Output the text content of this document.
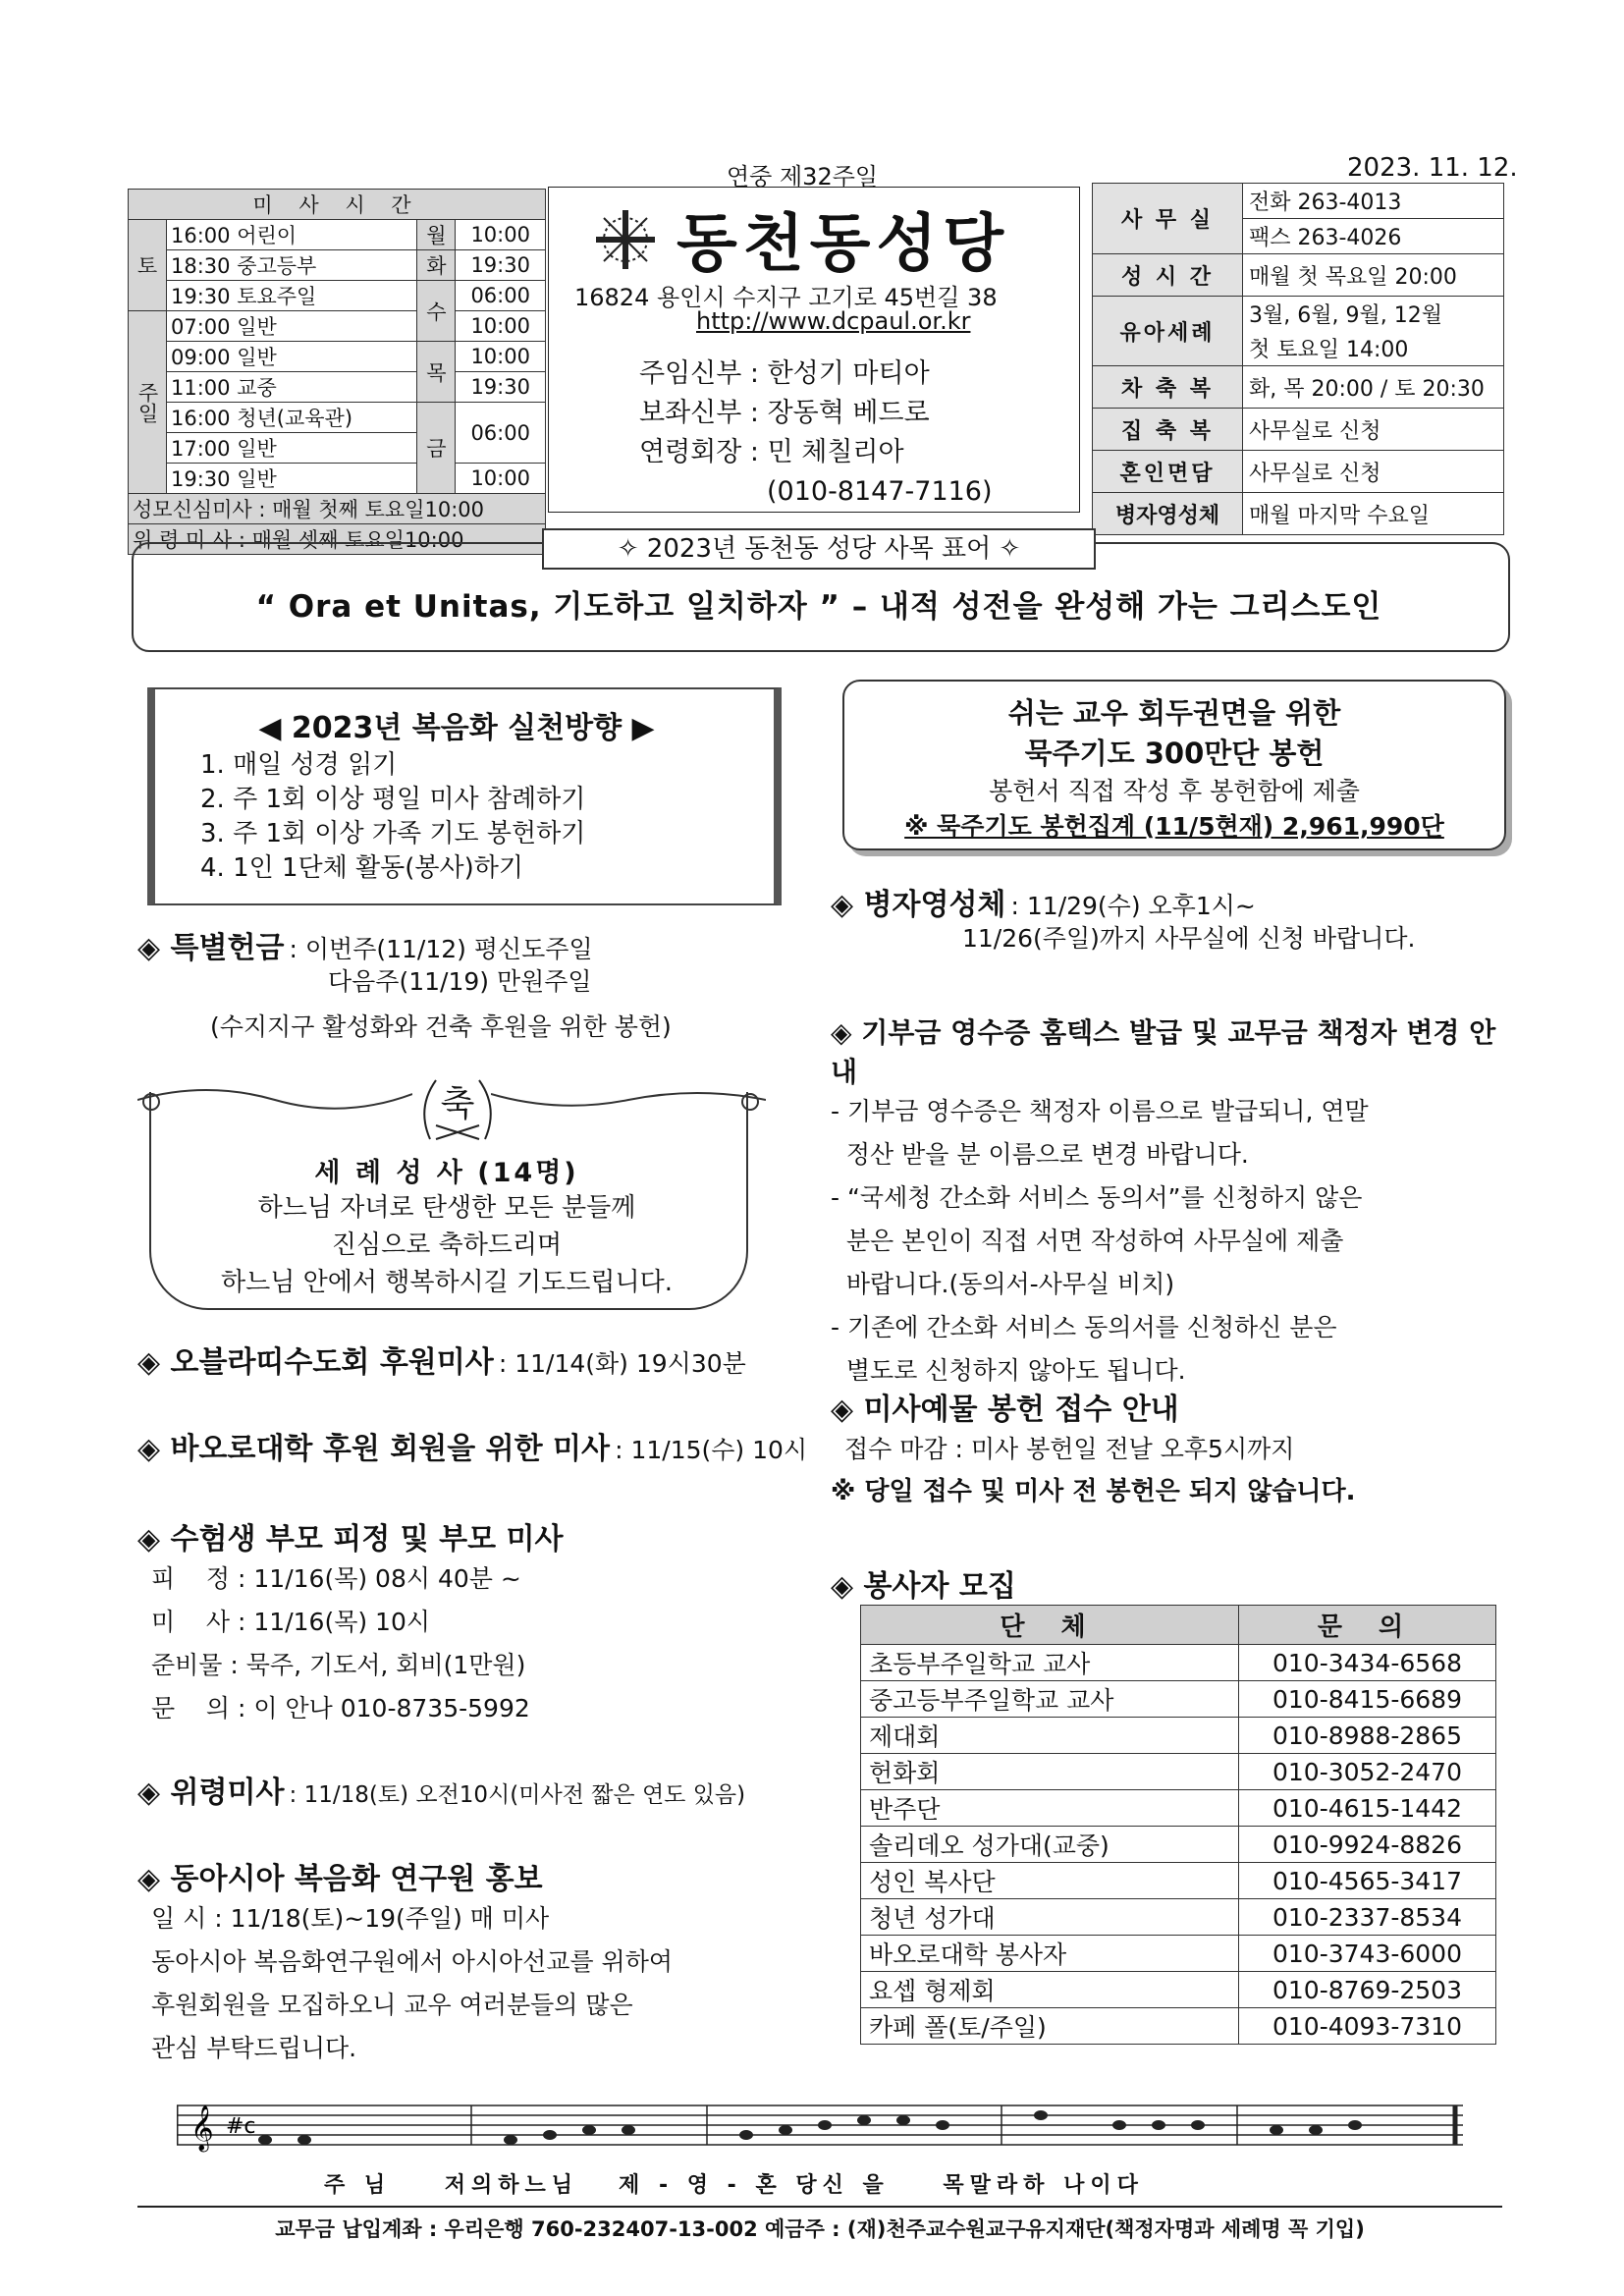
연중 제32주일	2023. 11. 12.
미 사 시 간			
토	16:00 어린이	월	10:00
	18:30 중고등부	화	19:30
	19:30 토요주일	수	06:00
주일	07:00 일반		10:00
	09:00 일반	목	10:00
	11:00 교중		19:30
	16:00 청년(교육관)	금	06:00
	17:00 일반		
	19:30 일반		10:00
성모신심미사 : 매월 첫째 토요일10:00			
위 령 미 사 : 매월 셋째 토요일10:00			
동천동성당
16824 용인시 수지구 고기로 45번길 38
http://www.dcpaul.or.kr
주임신부 : 한성기 마티아
보좌신부 : 장동혁 베드로
연령회장 : 민 체칠리아
(010-8147-7116)
사 무 실	전화 263-4013
	팩스 263-4026
성 시 간	매월 첫 목요일 20:00
유아세례	3월, 6월, 9월, 12월
	첫 토요일 14:00
차 축 복	화, 목 20:00 / 토 20:30
집 축 복	사무실로 신청
혼인면담	사무실로 신청
병자영성체	매월 마지막 수요일
✧ 2023년 동천동 성당 사목 표어 ✧
“ Ora et Unitas, 기도하고 일치하자 ” – 내적 성전을 완성해 가는 그리스도인
◀ 2023년 복음화 실천방향 ▶
1. 매일 성경 읽기
2. 주 1회 이상 평일 미사 참례하기
3. 주 1회 이상 가족 기도 봉헌하기
4. 1인 1단체 활동(봉사)하기
쉬는 교우 회두권면을 위한
묵주기도 300만단 봉헌
봉헌서 직접 작성 후 봉헌함에 제출
※ 묵주기도 봉헌집계 (11/5현재) 2,961,990단
◈ 특별헌금 : 이번주(11/12) 평신도주일
다음주(11/19) 만원주일
(수지지구 활성화와 건축 후원을 위한 봉헌)
축
세 례 성 사 (14명)
하느님 자녀로 탄생한 모든 분들께
진심으로 축하드리며
하느님 안에서 행복하시길 기도드립니다.
◈ 오블라띠수도회 후원미사 : 11/14(화) 19시30분
◈ 바오로대학 후원 회원을 위한 미사 : 11/15(수) 10시
◈ 수험생 부모 피정 및 부모 미사
피    정 : 11/16(목) 08시 40분 ~
미    사 : 11/16(목) 10시
준비물 : 묵주, 기도서, 회비(1만원)
문    의 : 이 안나 010-8735-5992
◈ 위령미사 : 11/18(토) 오전10시(미사전 짧은 연도 있음)
◈ 동아시아 복음화 연구원 홍보
일 시 : 11/18(토)~19(주일) 매 미사
동아시아 복음화연구원에서 아시아선교를 위하여
후원회원을 모집하오니 교우 여러분들의 많은
관심 부탁드립니다.
◈ 병자영성체 : 11/29(수) 오후1시~
11/26(주일)까지 사무실에 신청 바랍니다.
◈ 기부금 영수증 홈텍스 발급 및 교무금 책정자 변경 안내
- 기부금 영수증은 책정자 이름으로 발급되니, 연말
정산 받을 분 이름으로 변경 바랍니다.
- “국세청 간소화 서비스 동의서”를 신청하지 않은
분은 본인이 직접 서면 작성하여 사무실에 제출
바랍니다.(동의서-사무실 비치)
- 기존에 간소화 서비스 동의서를 신청하신 분은
별도로 신청하지 않아도 됩니다.
◈ 미사예물 봉헌 접수 안내
접수 마감 : 미사 봉헌일 전날 오후5시까지
※ 당일 접수 및 미사 전 봉헌은 되지 않습니다.
◈ 봉사자 모집
단 체	문 의
초등부주일학교 교사	010-3434-6568
중고등부주일학교 교사	010-8415-6689
제대회	010-8988-2865
헌화회	010-3052-2470
반주단	010-4615-1442
솔리데오 성가대(교중)	010-9924-8826
성인 복사단	010-4565-3417
청년 성가대	010-2337-8534
바오로대학 봉사자	010-3743-6000
요셉 형제회	010-8769-2503
카페 폴(토/주일)	010-4093-7310
𝄞 #c
주 님    저의하느님   제 - 영 - 혼 당신 을    목말라하 나이다
교무금 납입계좌 : 우리은행 760-232407-13-002 예금주 : (재)천주교수원교구유지재단(책정자명과 세례명 꼭 기입)
